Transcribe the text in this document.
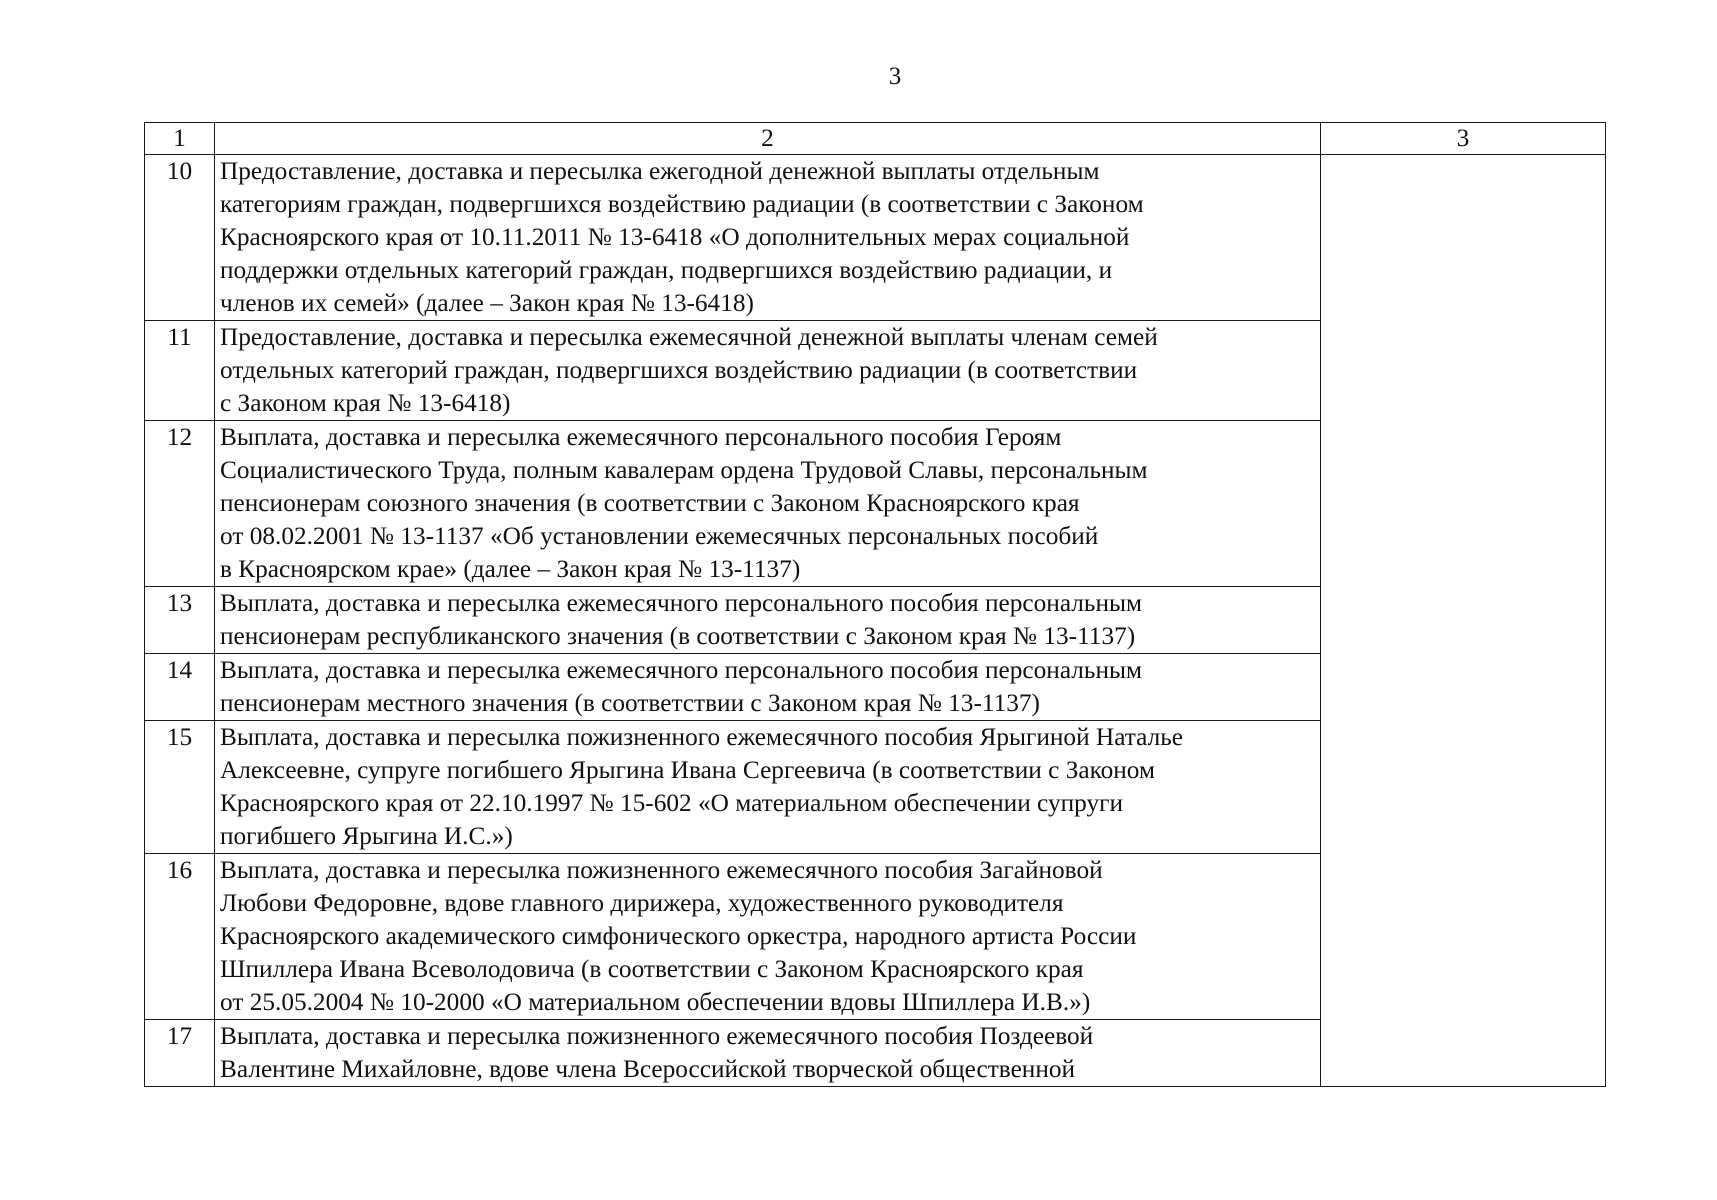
3
1	2	3
10	Предоставление, доставка и пересылка ежегодной денежной выплаты отдельным
категориям граждан, подвергшихся воздействию радиации (в соответствии с Законом
Красноярского края от 10.11.2011 № 13-6418 «О дополнительных мерах социальной
поддержки отдельных категорий граждан, подвергшихся воздействию радиации, и
членов их семей» (далее – Закон края № 13-6418)	
11	Предоставление, доставка и пересылка ежемесячной денежной выплаты членам семей
отдельных категорий граждан, подвергшихся воздействию радиации (в соответствии
с Законом края № 13-6418)	
12	Выплата, доставка и пересылка ежемесячного персонального пособия Героям
Социалистического Труда, полным кавалерам ордена Трудовой Славы, персональным
пенсионерам союзного значения (в соответствии с Законом Красноярского края
от 08.02.2001 № 13-1137 «Об установлении ежемесячных персональных пособий
в Красноярском крае» (далее – Закон края № 13-1137)	
13	Выплата, доставка и пересылка ежемесячного персонального пособия персональным
пенсионерам республиканского значения (в соответствии с Законом края № 13-1137)	
14	Выплата, доставка и пересылка ежемесячного персонального пособия персональным
пенсионерам местного значения (в соответствии с Законом края № 13-1137)	
15	Выплата, доставка и пересылка пожизненного ежемесячного пособия Ярыгиной Наталье
Алексеевне, супруге погибшего Ярыгина Ивана Сергеевича (в соответствии с Законом
Красноярского края от 22.10.1997 № 15-602 «О материальном обеспечении супруги
погибшего Ярыгина И.С.»)	
16	Выплата, доставка и пересылка пожизненного ежемесячного пособия Загайновой
Любови Федоровне, вдове главного дирижера, художественного руководителя
Красноярского академического симфонического оркестра, народного артиста России
Шпиллера Ивана Всеволодовича (в соответствии с Законом Красноярского края
от 25.05.2004 № 10-2000 «О материальном обеспечении вдовы Шпиллера И.В.»)	
17	Выплата, доставка и пересылка пожизненного ежемесячного пособия Поздеевой
Валентине Михайловне, вдове члена Всероссийской творческой общественной	
